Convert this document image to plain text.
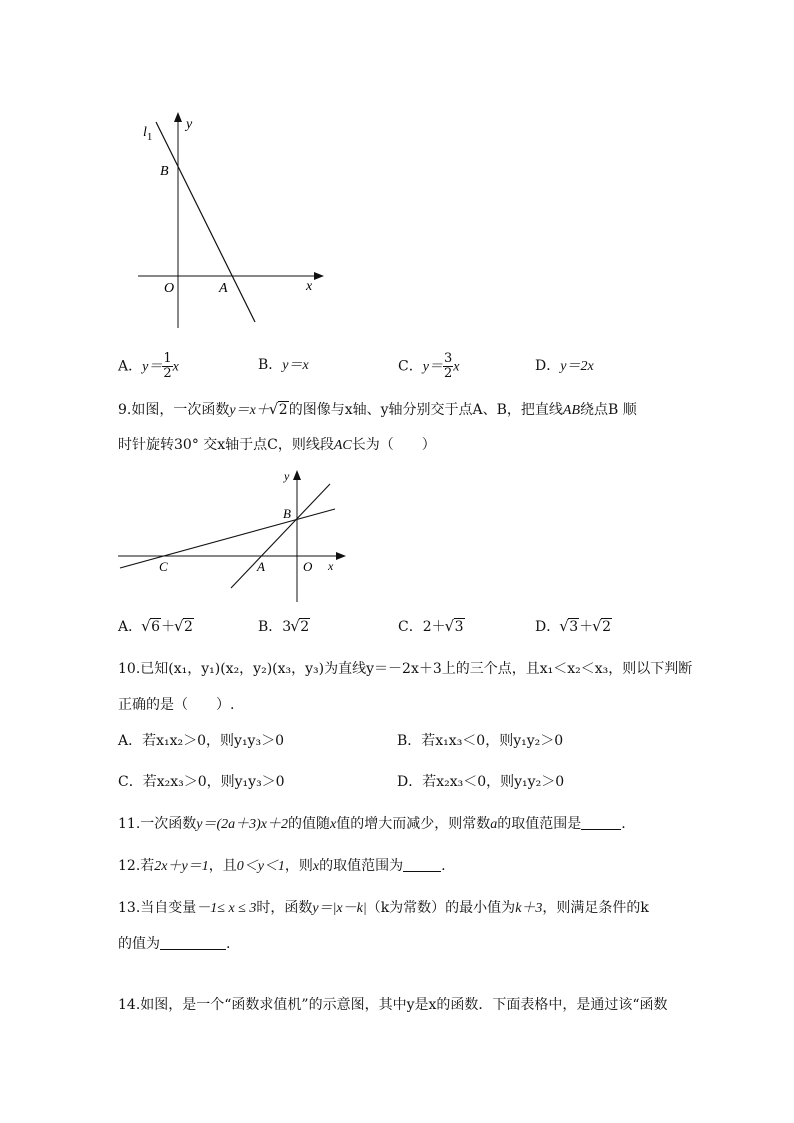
$l_1$
y
B
O	A	x
A．$y= \frac{1}{2}$ x	B．y＝x	C．$y= \frac{3}{2}$ x	D．y＝2x
9.如图，一次函数y＝x＋ √ 2的图像与x轴、y轴分别交于点A、B，把直线AB绕点B 顺
时针旋转30° 交x轴于点C，则线段AC长为（　　）
y
B
C	A	O x
A． √ 6＋ √ 2	B．3 √ 2	C．2＋ √ 3	D． √ 3＋ √ 2
10.已知(x₁，y₁)(x₂，y₂)(x₃，y₃)为直线y＝－2x＋3上的三个点，且x₁＜x₂＜x₃，则以下判断
正确的是（　　）.
A．若x₁x₂＞0，则y₁y₃＞0	B．若x₁x₃＜0，则y₁y₂＞0
C．若x₂x₃＞0，则y₁y₃＞0	D．若x₂x₃＜0，则y₁y₂＞0
11.一次函数y＝(2a＋3)x＋2的值随x值的增大而减少，则常数a的取值范围是	.
12.若2x＋y＝1，且0＜y＜1，则x的取值范围为	.
13.当自变量－1≤ x ≤ 3时，函数y＝|x－k|（k为常数）的最小值为k＋3，则满足条件的k
的值为	.
14.如图，是一个“函数求值机”的示意图，其中y是x的函数．下面表格中，是通过该“函数
